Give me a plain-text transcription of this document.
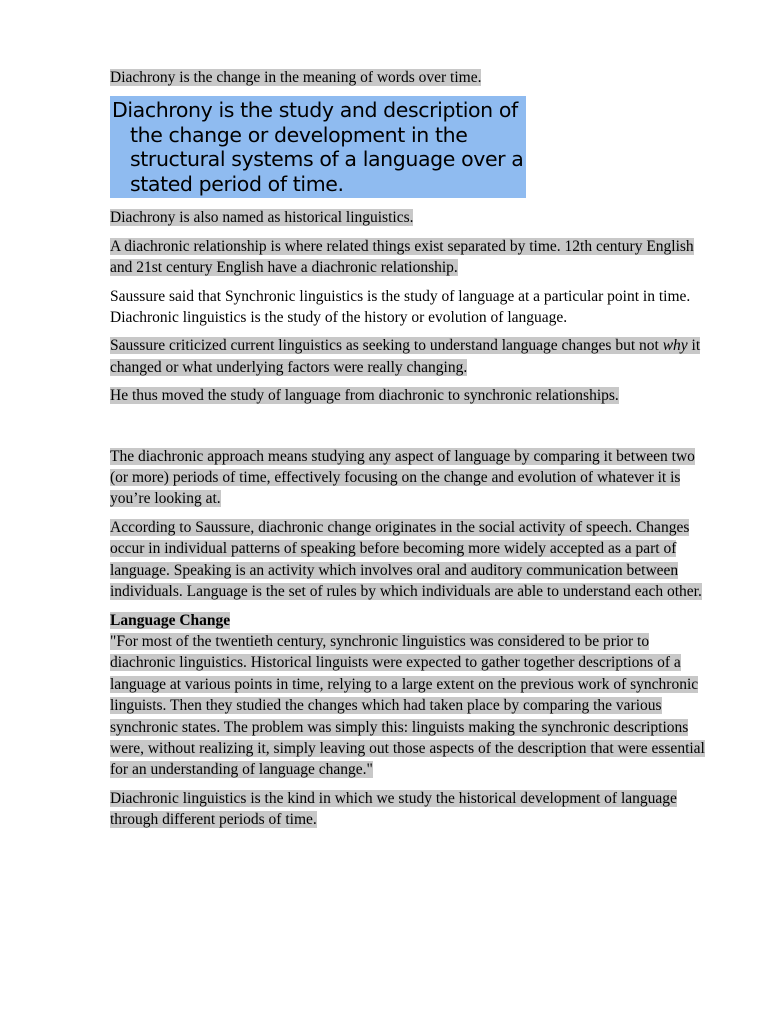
Diachrony is the change in the meaning of words over time.

Diachrony is the study and description of
the change or development in the
structural systems of a language over a
stated period of time.

Diachrony is also named as historical linguistics.

A diachronic relationship is where related things exist separated by time. 12th century English and 21st century English have a diachronic relationship.

Saussure said that Synchronic linguistics is the study of language at a particular point in time. Diachronic linguistics is the study of the history or evolution of language.

Saussure criticized current linguistics as seeking to understand language changes but not why it changed or what underlying factors were really changing.

He thus moved the study of language from diachronic to synchronic relationships.

The diachronic approach means studying any aspect of language by comparing it between two (or more) periods of time, effectively focusing on the change and evolution of whatever it is you’re looking at.

According to Saussure, diachronic change originates in the social activity of speech. Changes occur in individual patterns of speaking before becoming more widely accepted as a part of language. Speaking is an activity which involves oral and auditory communication between individuals. Language is the set of rules by which individuals are able to understand each other.

Language Change
"For most of the twentieth century, synchronic linguistics was considered to be prior to diachronic linguistics. Historical linguists were expected to gather together descriptions of a language at various points in time, relying to a large extent on the previous work of synchronic linguists. Then they studied the changes which had taken place by comparing the various synchronic states. The problem was simply this: linguists making the synchronic descriptions were, without realizing it, simply leaving out those aspects of the description that were essential for an understanding of language change."

Diachronic linguistics is the kind in which we study the historical development of language through different periods of time.
